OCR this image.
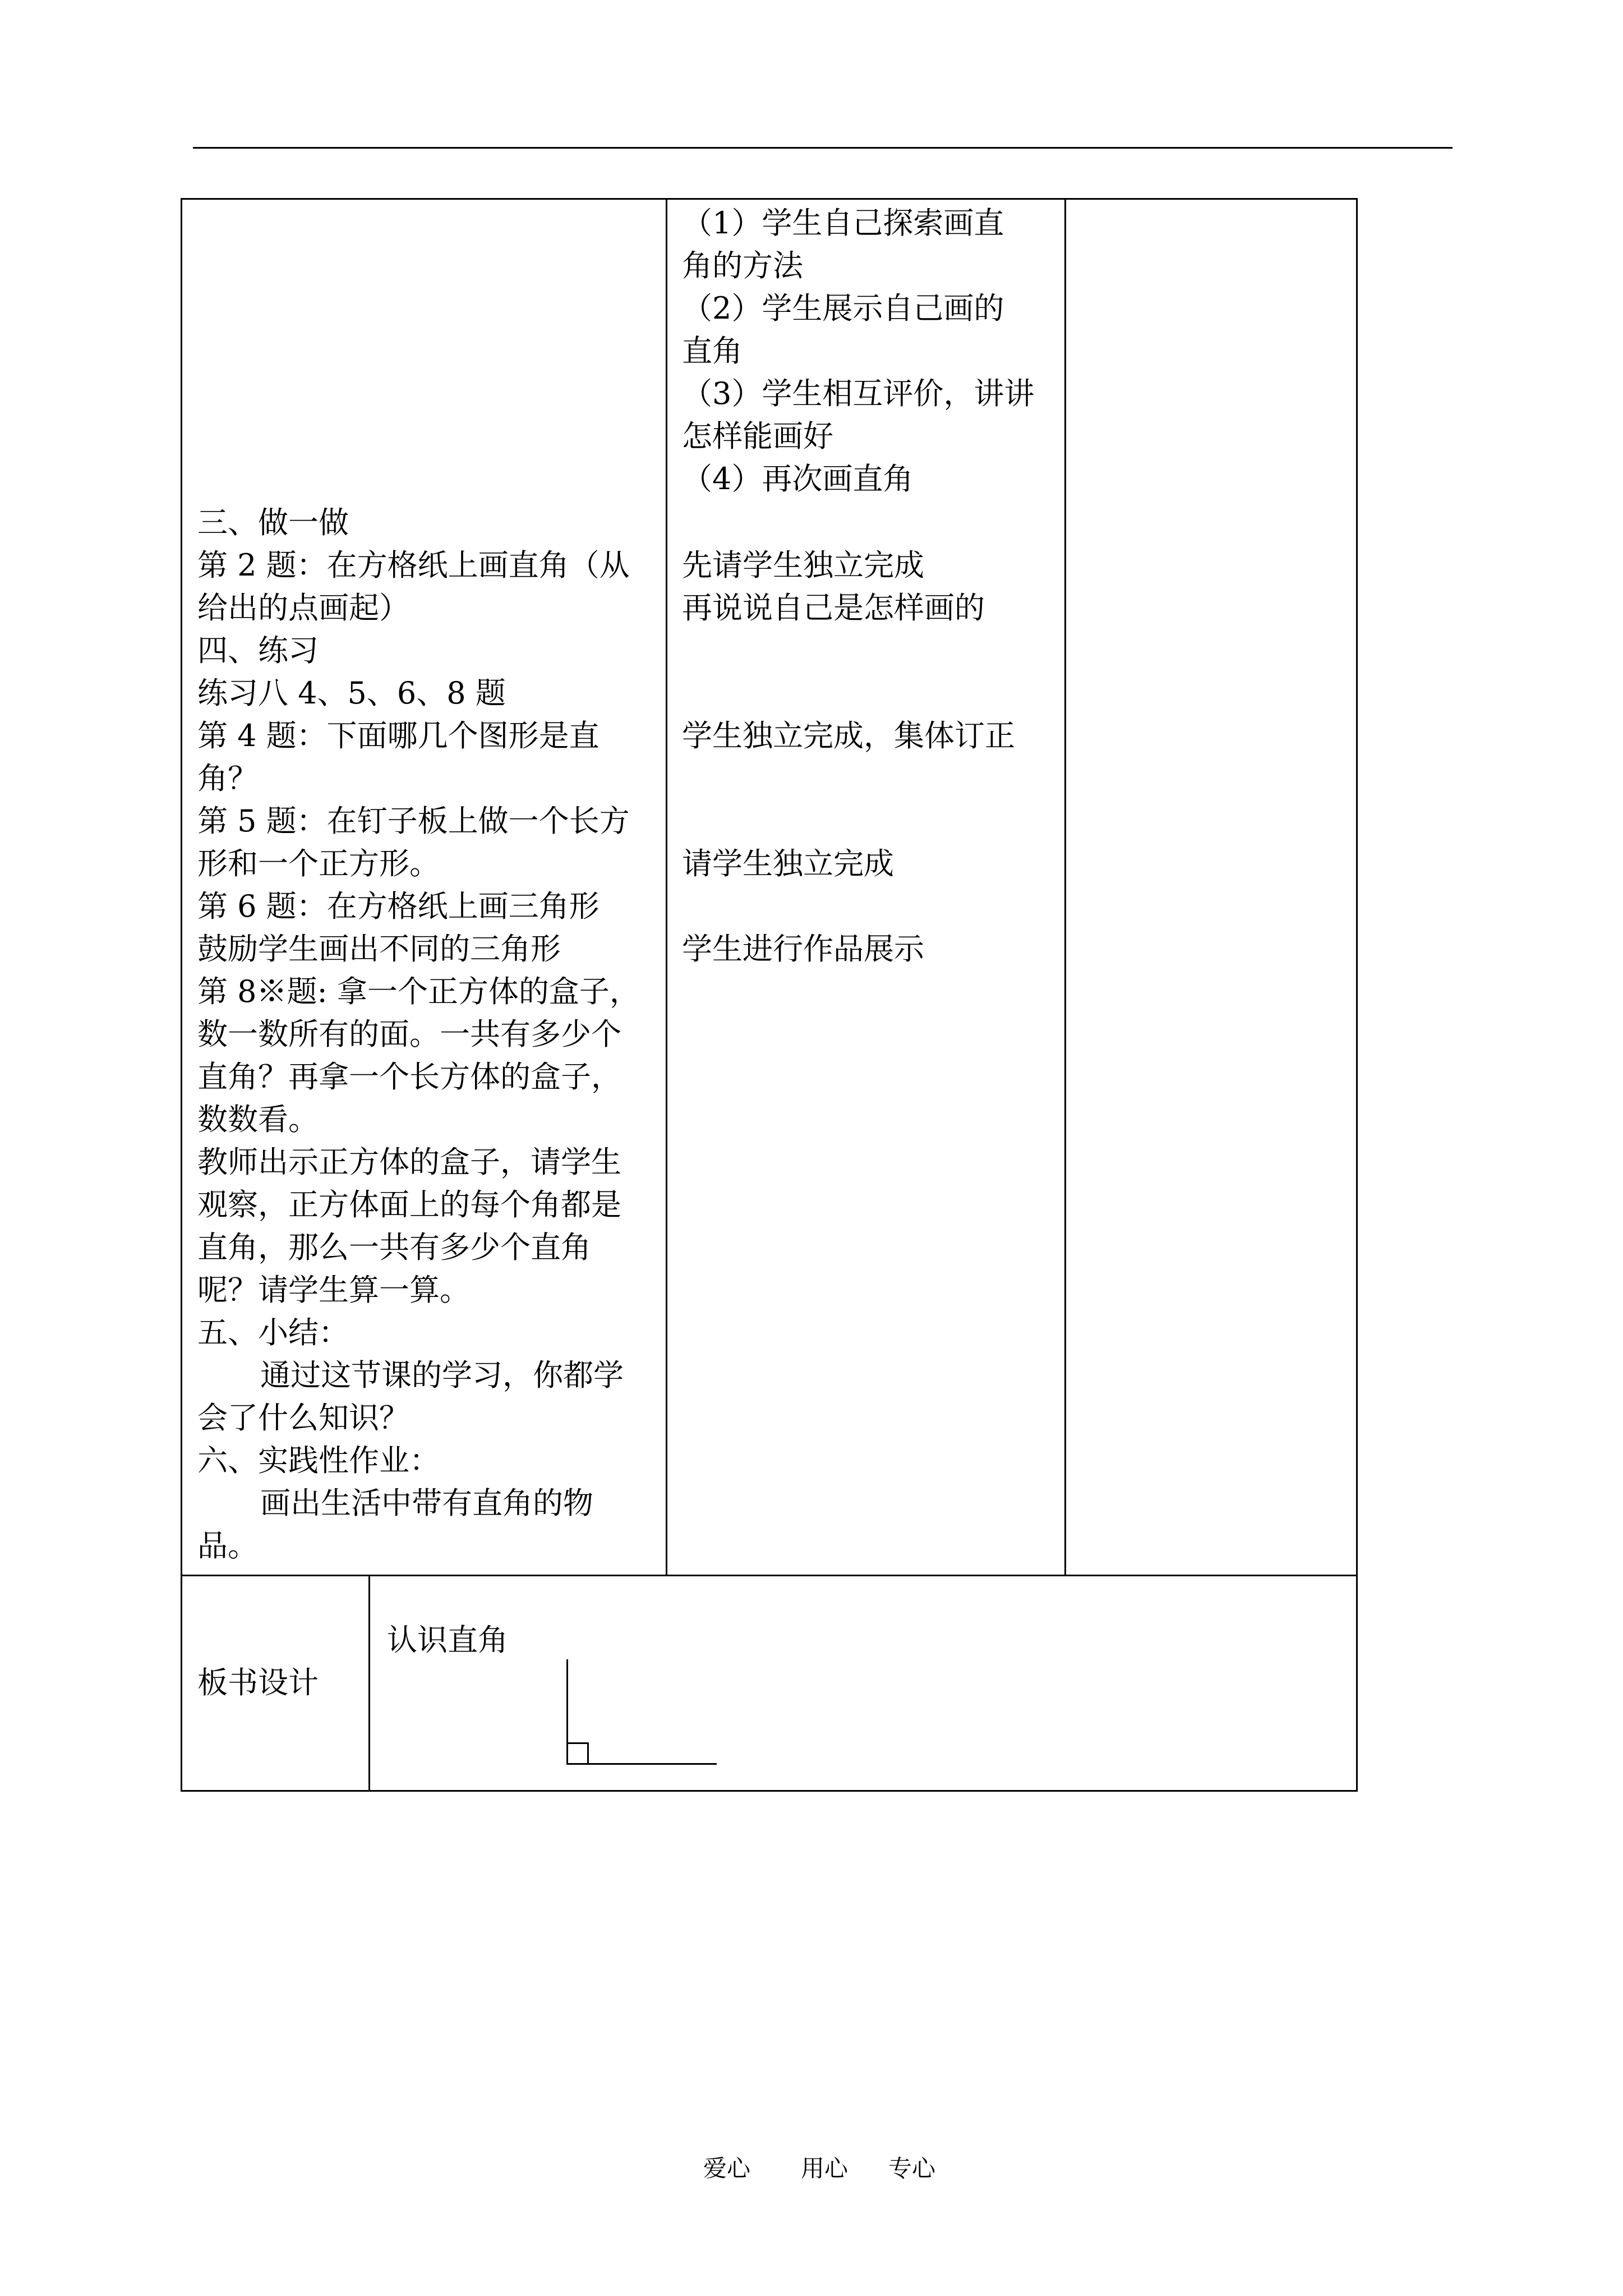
三、做一做
第 2 题：在方格纸上画直角（从
给出的点画起）
四、练习
练习八 4、5、6、8 题
第 4 题：下面哪几个图形是直
角？
第 5 题：在钉子板上做一个长方
形和一个正方形。
第 6 题：在方格纸上画三角形
鼓励学生画出不同的三角形
第 8※题: 拿一个正方体的盒子，
数一数所有的面。一共有多少个
直角？再拿一个长方体的盒子，
数数看。
教师出示正方体的盒子，请学生
观察，正方体面上的每个角都是
直角，那么一共有多少个直角
呢？请学生算一算。
五、小结：
通过这节课的学习，你都学
会了什么知识？
六、实践性作业：
画出生活中带有直角的物
品。
（1）学生自己探索画直
角的方法
（2）学生展示自己画的
直角
（3）学生相互评价，讲讲
怎样能画好
（4）再次画直角
先请学生独立完成
再说说自己是怎样画的
学生独立完成，集体订正
请学生独立完成
学生进行作品展示
板书设计
认识直角
爱心 用心 专心
